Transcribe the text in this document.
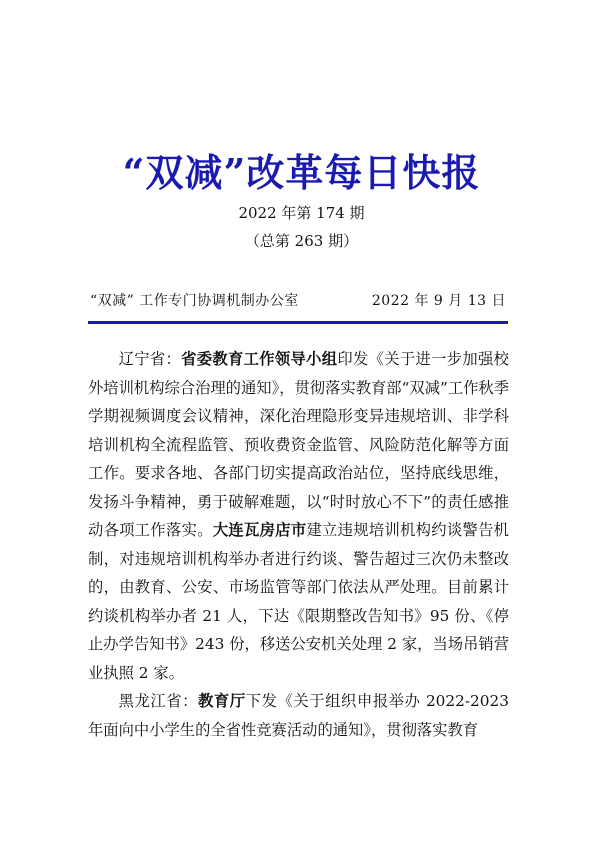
“双减”改革每日快报
2022 年第 174 期
（总第 263 期）
“双减” 工作专门协调机制办公室	2022 年 9 月 13 日

辽宁省：省委教育工作领导小组印发《关于进一步加强校外培训机构综合治理的通知》，贯彻落实教育部“双减”工作秋季学期视频调度会议精神，深化治理隐形变异违规培训、非学科培训机构全流程监管、预收费资金监管、风险防范化解等方面工作。要求各地、各部门切实提高政治站位，坚持底线思维，发扬斗争精神，勇于破解难题，以“时时放心不下”的责任感推动各项工作落实。大连瓦房店市建立违规培训机构约谈警告机制，对违规培训机构举办者进行约谈、警告超过三次仍未整改的，由教育、公安、市场监管等部门依法从严处理。目前累计约谈机构举办者 21 人，下达《限期整改告知书》95 份、《停止办学告知书》243 份，移送公安机关处理 2 家，当场吊销营业执照 2 家。

黑龙江省：教育厅下发《关于组织申报举办 2022-2023 年面向中小学生的全省性竞赛活动的通知》，贯彻落实教育
